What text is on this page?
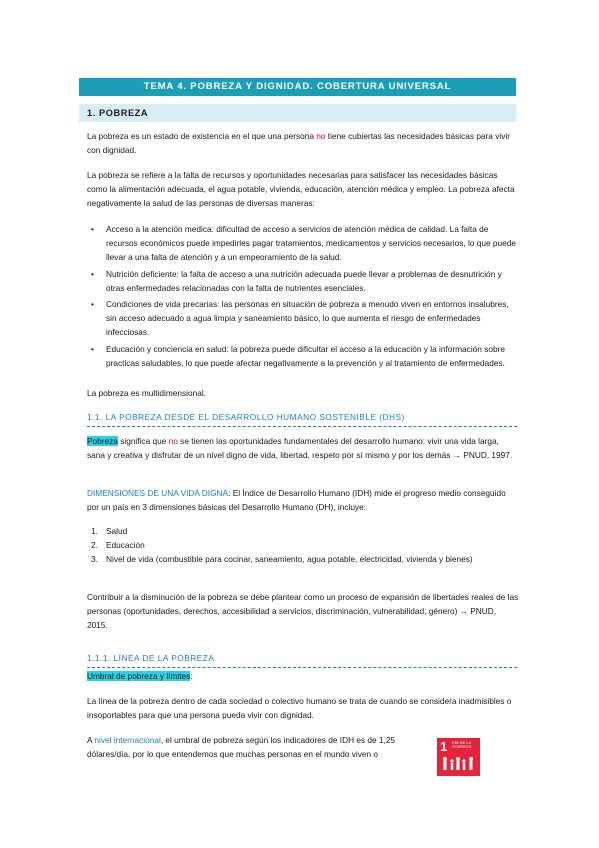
TEMA 4. POBREZA Y DIGNIDAD. COBERTURA UNIVERSAL
1. POBREZA
La pobreza es un estado de existencia en el que una persona no tiene cubiertas las necesidades básicas para vivir con dignidad.
La pobreza se refiere a la falta de recursos y oportunidades necesarias para satisfacer las necesidades básicas como la alimentación adecuada, el agua potable, vivienda, educación, atención médica y empleo. La pobreza afecta negativamente la salud de las personas de diversas maneras:
• Acceso a la atención medica: dificultad de acceso a servicios de atención médica de calidad. La falta de recursos económicos puede impedirles pagar tratamientos, medicamentos y servicios necesarios, lo que puede llevar a una falta de atención y a un empeoramiento de la salud.
• Nutrición deficiente: la falta de acceso a una nutrición adecuada puede llevar a problemas de desnutrición y otras enfermedades relacionadas con la falta de nutrientes esenciales.
• Condiciones de vida precarias: las personas en situación de pobreza a menudo viven en entornos insalubres, sin acceso adecuado a agua limpia y saneamiento básico, lo que aumenta el riesgo de enfermedades infecciosas.
• Educación y conciencia en salud: la pobreza puede dificultar el acceso a la educación y la información sobre practicas saludables, lo que puede afectar negativamente a la prevención y al tratamiento de enfermedades.
La pobreza es multidimensional.
1.1. LA POBREZA DESDE EL DESARROLLO HUMANO SOSTENIBLE (DHS)
Pobreza significa que no se tienen las oportunidades fundamentales del desarrollo humano: vivir una vida larga, sana y creativa y disfrutar de un nivel digno de vida, libertad, respeto por sí mismo y por los demás → PNUD, 1997.
DIMENSIONES DE UNA VIDA DIGNA: El Índice de Desarrollo Humano (IDH) mide el progreso medio conseguido por un país en 3 dimensiones básicas del Desarrollo Humano (DH), incluye:
1. Salud
2. Educación
3. Nivel de vida (combustible para cocinar, saneamiento, agua potable, electricidad, vivienda y bienes)
Contribuir a la disminución de la pobreza se debe plantear como un proceso de expansión de libertades reales de las personas (oportunidades, derechos, accesibilidad a servicios, discriminación, vulnerabilidad, género) → PNUD, 2015.
1.1.1. LÍNEA DE LA POBREZA
Umbral de pobreza y límites:
La línea de la pobreza dentro de cada sociedad o colectivo humano se trata de cuando se considera inadmisibles o insoportables para que una persona pueda vivir con dignidad.
A nivel internacional, el umbral de pobreza según los indicadores de IDH es de 1,25 dólares/día, por lo que entendemos que muchas personas en el mundo viven o
1 FIN DE LA POBREZA
